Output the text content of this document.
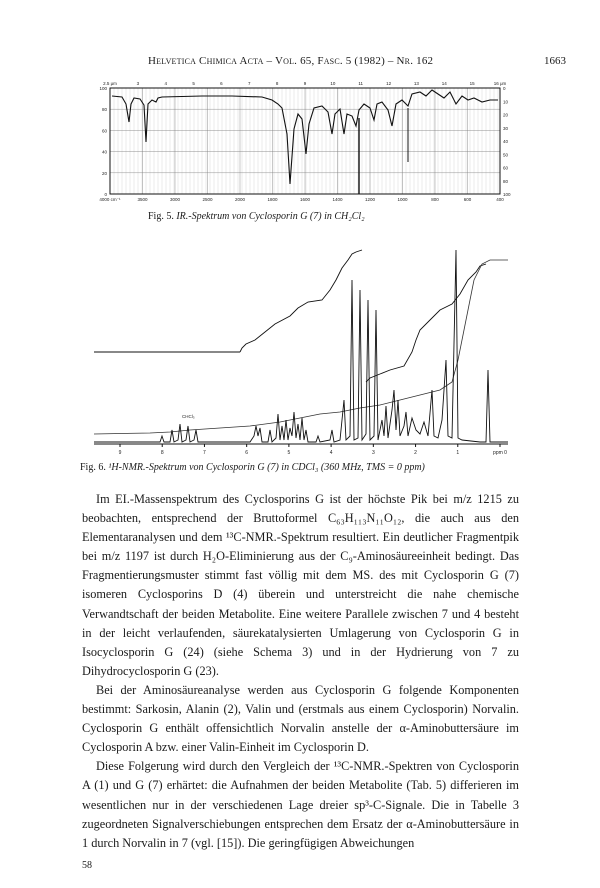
Helvetica Chimica Acta – Vol. 65, Fasc. 5 (1982) – Nr. 162	1663
2.5 μm	3	4	5	6	7	8	9	10	11	12	13	14	15	16 μm
4000 cm⁻¹	3500	3000	2500	2000	1800	1600	1400	1200	1000	800	600	400
100
80
60
40
20
0
0
10
20
30
40
50
60
80
100
Fig. 5. IR.-Spektrum von Cyclosporin G (7) in CH₂Cl₂
9	8	7	6	5	4	3	2	1	ppm 0
CHCl₃
Fig. 6. ¹H-NMR.-Spektrum von Cyclosporin G (7) in CDCl₃ (360 MHz, TMS = 0 ppm)

Im EI.-Massenspektrum des Cyclosporins G ist der höchste Pik bei m/z 1215 zu beobachten, entsprechend der Bruttoformel C₆₃H₁₁₃N₁₁O₁₂, die auch aus den Elementaranalysen und dem ¹³C-NMR.-Spektrum resultiert. Ein deutlicher Fragmentpik bei m/z 1197 ist durch H₂O-Eliminierung aus der C₉-Aminosäureeinheit bedingt. Das Fragmentierungsmuster stimmt fast völlig mit dem MS. des mit Cyclosporin G (7) isomeren Cyclosporins D (4) überein und unterstreicht die nahe chemische Verwandtschaft der beiden Metabolite. Eine weitere Parallele zwischen 7 und 4 besteht in der leicht verlaufenden, säurekatalysierten Umlagerung von Cyclosporin G in Isocyclosporin G (24) (siehe Schema 3) und in der Hydrierung von 7 zu Dihydrocyclosporin G (23).

Bei der Aminosäureanalyse werden aus Cyclosporin G folgende Komponenten bestimmt: Sarkosin, Alanin (2), Valin und (erstmals aus einem Cyclosporin) Norvalin. Cyclosporin G enthält offensichtlich Norvalin anstelle der α-Aminobuttersäure im Cyclosporin A bzw. einer Valin-Einheit im Cyclosporin D.

Diese Folgerung wird durch den Vergleich der ¹³C-NMR.-Spektren von Cyclosporin A (1) und G (7) erhärtet: die Aufnahmen der beiden Metabolite (Tab. 5) differieren im wesentlichen nur in der verschiedenen Lage dreier sp³-C-Signale. Die in Tabelle 3 zugeordneten Signalverschiebungen entsprechen dem Ersatz der α-Aminobuttersäure in 1 durch Norvalin in 7 (vgl. [15]). Die geringfügigen Abweichungen

58
